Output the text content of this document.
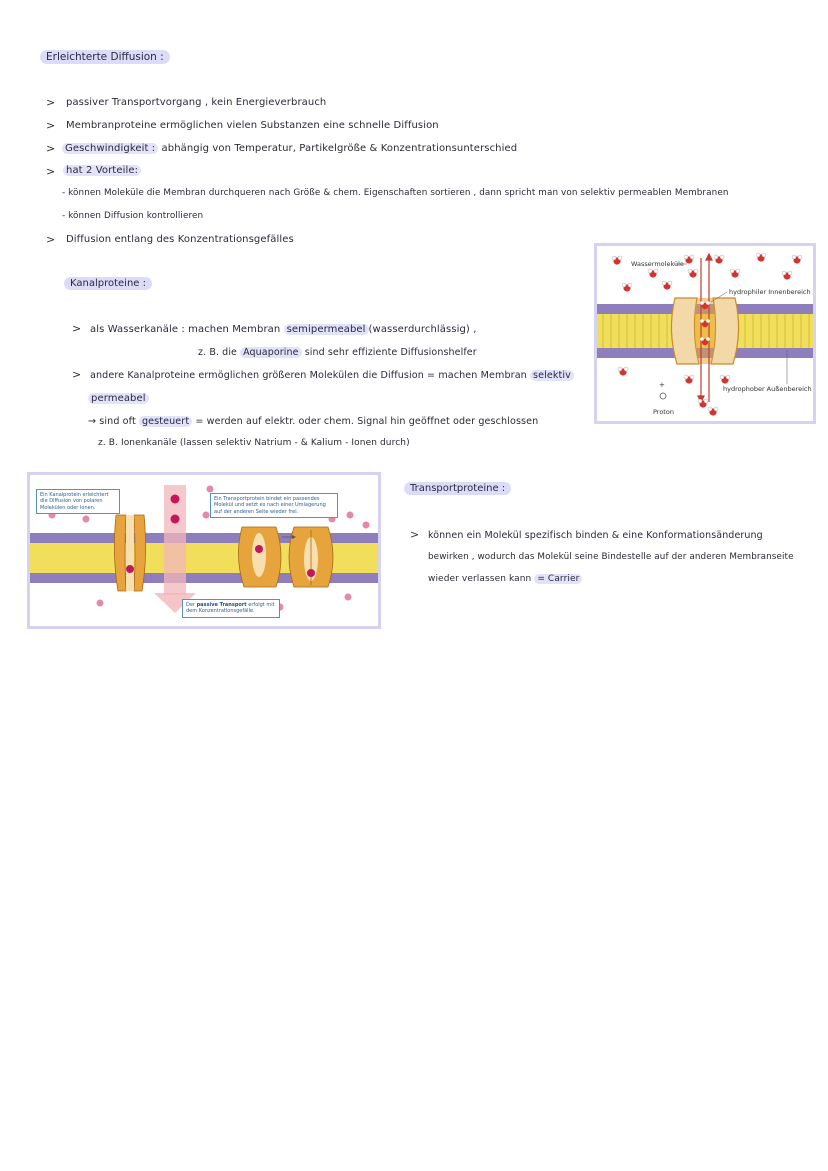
Erleichterte Diffusion :
> passiver Transportvorgang , kein Energieverbrauch
> Membranproteine ermöglichen vielen Substanzen eine schnelle Diffusion
> Geschwindigkeit : abhängig von Temperatur, Partikelgröße & Konzentrationsunterschied
>	hat 2 Vorteile:
- können Moleküle die Membran durchqueren nach Größe & chem. Eigenschaften sortieren , dann spricht man von selektiv permeablen Membranen
- können Diffusion kontrollieren
> Diffusion entlang des Konzentrationsgefälles
Kanalproteine :
> als Wasserkanäle : machen Membran semipermeabel (wasserdurchlässig) ,
z. B. die Aquaporine sind sehr effiziente Diffusionshelfer
> andere Kanalproteine ermöglichen größeren Molekülen die Diffusion = machen Membran selektiv
permeabel
→ sind oft gesteuert = werden auf elektr. oder chem. Signal hin geöffnet oder geschlossen
z. B. Ionenkanäle (lassen selektiv Natrium - & Kalium - Ionen durch)
+
Wassermoleküle
hydrophiler Innenbereich
hydrophober Außenbereich
Proton
Ein Kanalprotein erleichtert die Diffusion von polaren Molekülen oder Ionen.
Ein Transportprotein bindet ein passendes Molekül und setzt es nach einer Umlagerung auf der anderen Seite wieder frei.
Der passive Transport erfolgt mit dem Konzentrationsgefälle.
Transportproteine :
> können ein Molekül spezifisch binden & eine Konformationsänderung
bewirken , wodurch das Molekül seine Bindestelle auf der anderen Membranseite
wieder verlassen kann = Carrier
